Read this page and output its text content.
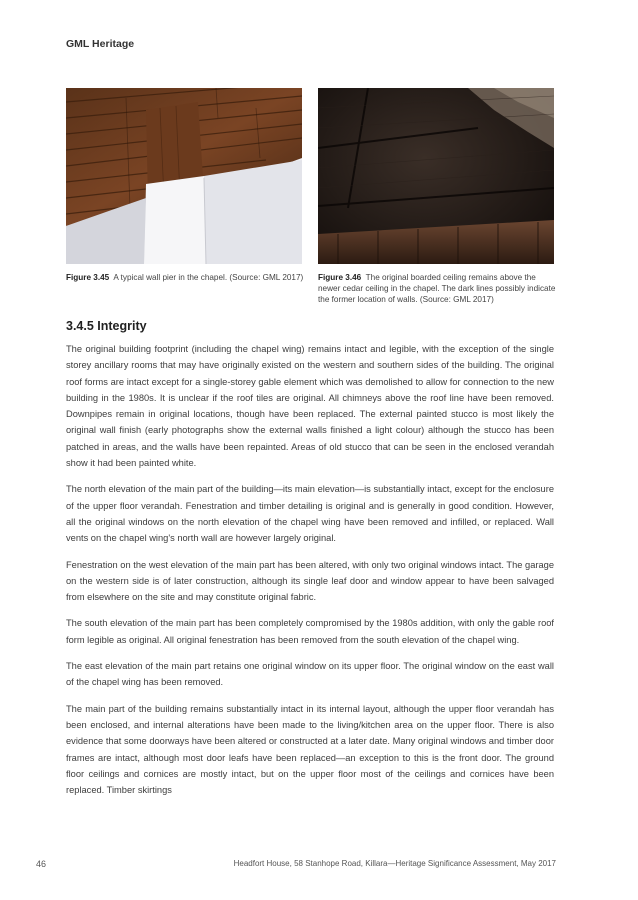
GML Heritage
Figure 3.45 A typical wall pier in the chapel. (Source: GML 2017)	Figure 3.46 The original boarded ceiling remains above the newer cedar ceiling in the chapel. The dark lines possibly indicate the former location of walls. (Source: GML 2017)
3.4.5 Integrity

The original building footprint (including the chapel wing) remains intact and legible, with the exception of the single storey ancillary rooms that may have originally existed on the western and southern sides of the building. The original roof forms are intact except for a single-storey gable element which was demolished to allow for connection to the new building in the 1980s. It is unclear if the roof tiles are original. All chimneys above the roof line have been removed. Downpipes remain in original locations, though have been replaced. The external painted stucco is most likely the original wall finish (early photographs show the external walls finished a light colour) although the stucco has been patched in areas, and the walls have been repainted. Areas of old stucco that can be seen in the enclosed verandah show it had been painted white.

The north elevation of the main part of the building—its main elevation—is substantially intact, except for the enclosure of the upper floor verandah. Fenestration and timber detailing is original and is generally in good condition. However, all the original windows on the north elevation of the chapel wing have been removed and infilled, or replaced. Wall vents on the chapel wing's north wall are however largely original.

Fenestration on the west elevation of the main part has been altered, with only two original windows intact. The garage on the western side is of later construction, although its single leaf door and window appear to have been salvaged from elsewhere on the site and may constitute original fabric.

The south elevation of the main part has been completely compromised by the 1980s addition, with only the gable roof form legible as original. All original fenestration has been removed from the south elevation of the chapel wing.

The east elevation of the main part retains one original window on its upper floor. The original window on the east wall of the chapel wing has been removed.

The main part of the building remains substantially intact in its internal layout, although the upper floor verandah has been enclosed, and internal alterations have been made to the living/kitchen area on the upper floor. There is also evidence that some doorways have been altered or constructed at a later date. Many original windows and timber door frames are intact, although most door leafs have been replaced—an exception to this is the front door. The ground floor ceilings and cornices are mostly intact, but on the upper floor most of the ceilings and cornices have been replaced. Timber skirtings

46	Headfort House, 58 Stanhope Road, Killara—Heritage Significance Assessment, May 2017
